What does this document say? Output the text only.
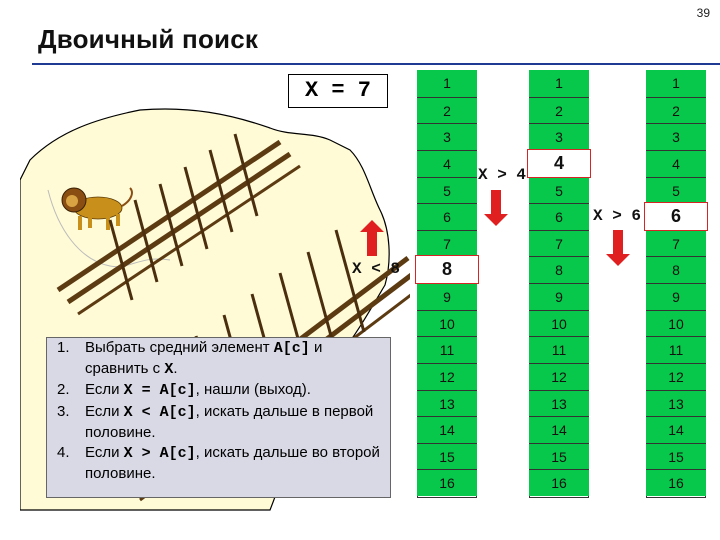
39
Двоичный поиск
X = 7	1
2
3
4
5
6
7
8
9
10
11
12
13
14
15
16
1
2
3
4
5
6
7
8
9
10
11
12
13
14
15
16
1
2
3
4
5
6
7
8
9
10
11
12
13
14
15
16
X < 8
X > 4
X > 6
1. Выбрать средний элемент A[c] и сравнить с X.
2. Если X = A[c], нашли (выход).
3. Если X < A[c], искать дальше в первой половине.
4. Если X > A[c], искать дальше во второй половине.
